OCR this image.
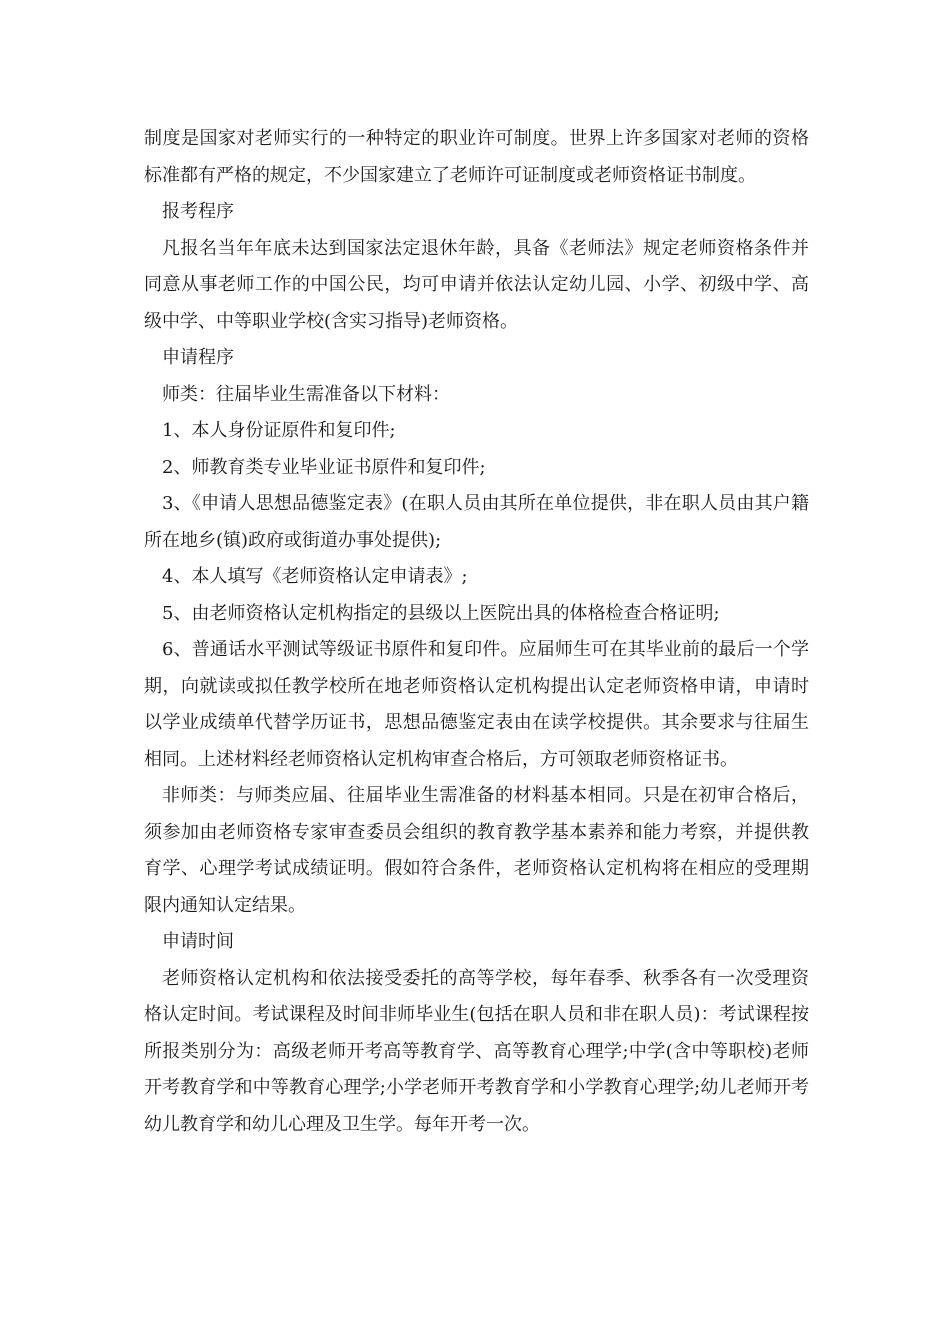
制度是国家对老师实行的一种特定的职业许可制度。世界上许多国家对老师的资格标准都有严格的规定，不少国家建立了老师许可证制度或老师资格证书制度。

报考程序

凡报名当年年底未达到国家法定退休年龄，具备《老师法》规定老师资格条件并同意从事老师工作的中国公民，均可申请并依法认定幼儿园、小学、初级中学、高级中学、中等职业学校(含实习指导)老师资格。

申请程序

师类：往届毕业生需准备以下材料：

1、本人身份证原件和复印件;

2、师教育类专业毕业证书原件和复印件;

3、《申请人思想品德鉴定表》(在职人员由其所在单位提供，非在职人员由其户籍所在地乡(镇)政府或街道办事处提供);

4、本人填写《老师资格认定申请表》;

5、由老师资格认定机构指定的县级以上医院出具的体格检查合格证明;

6、普通话水平测试等级证书原件和复印件。应届师生可在其毕业前的最后一个学期，向就读或拟任教学校所在地老师资格认定机构提出认定老师资格申请，申请时以学业成绩单代替学历证书，思想品德鉴定表由在读学校提供。其余要求与往届生相同。上述材料经老师资格认定机构审查合格后，方可领取老师资格证书。

非师类：与师类应届、往届毕业生需准备的材料基本相同。只是在初审合格后，须参加由老师资格专家审查委员会组织的教育教学基本素养和能力考察，并提供教育学、心理学考试成绩证明。假如符合条件，老师资格认定机构将在相应的受理期限内通知认定结果。

申请时间

老师资格认定机构和依法接受委托的高等学校，每年春季、秋季各有一次受理资格认定时间。考试课程及时间非师毕业生(包括在职人员和非在职人员)：考试课程按所报类别分为：高级老师开考高等教育学、高等教育心理学;中学(含中等职校)老师开考教育学和中等教育心理学;小学老师开考教育学和小学教育心理学;幼儿老师开考幼儿教育学和幼儿心理及卫生学。每年开考一次。
